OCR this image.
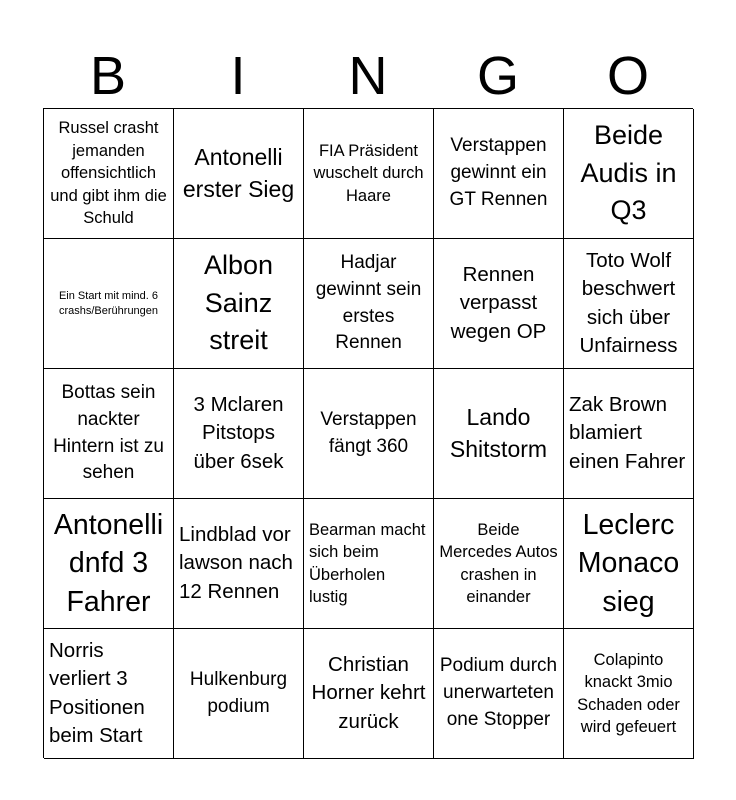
B	I	N	G	O
Russel crasht jemanden offensichtlich und gibt ihm die Schuld
Antonelli erster Sieg
FIA Präsident wuschelt durch Haare
Verstappen gewinnt ein GT Rennen
Beide Audis in Q3
Ein Start mit mind. 6 crashs/Berührungen
Albon Sainz streit
Hadjar gewinnt sein erstes Rennen
Rennen verpasst wegen OP
Toto Wolf beschwert sich über Unfairness
Bottas sein nackter Hintern ist zu sehen
3 Mclaren Pitstops über 6sek
Verstappen fängt 360
Lando Shitstorm
Zak Brown blamiert einen Fahrer
Antonelli dnfd 3 Fahrer
Lindblad vor lawson nach 12 Rennen
Bearman macht sich beim Überholen lustig
Beide Mercedes Autos crashen in einander
Leclerc Monaco sieg
Norris verliert 3 Positionen beim Start
Hulkenburg podium
Christian Horner kehrt zurück
Podium durch unerwarteten one Stopper
Colapinto knackt 3mio Schaden oder wird gefeuert
